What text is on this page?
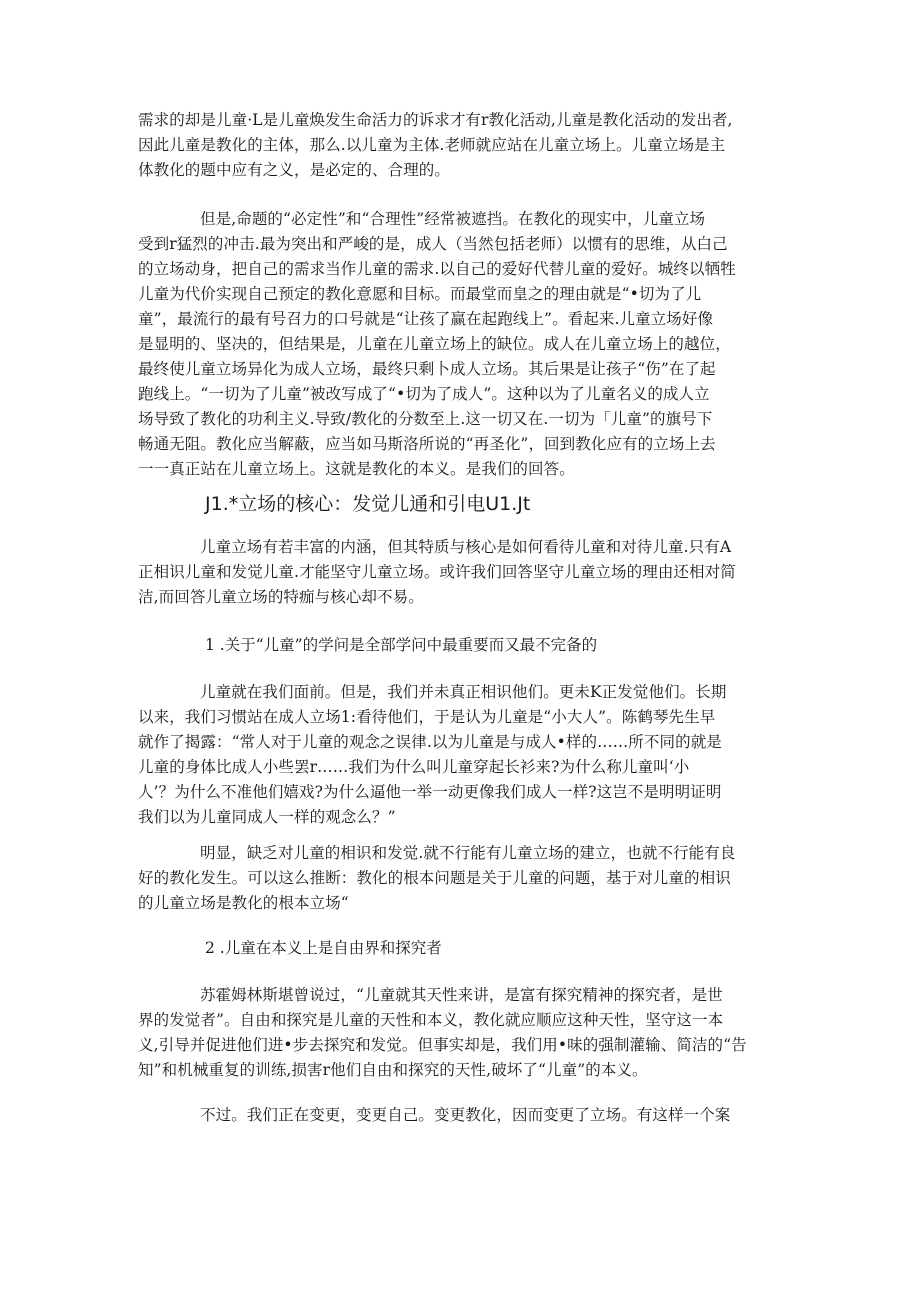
需求的却是儿童·L是儿童焕发生命活力的诉求才有r教化活动,儿童是教化活动的发出者,
因此儿童是教化的主体，那么.以儿童为主体.老师就应站在儿童立场上。儿童立场是主
体教化的题中应有之义，是必定的、合理的。
但是,命题的“必定性”和“合理性”经常被遮挡。在教化的现实中，儿童立场
受到r猛烈的冲击.最为突出和严峻的是，成人（当然包括老师）以惯有的思维，从白己
的立场动身，把自己的需求当作儿童的需求.以自己的爱好代替儿童的爱好。城终以牺牲
儿童为代价实现自己预定的教化意愿和目标。而最堂而皇之的理由就是“•切为了儿
童”，最流行的最有号召力的口号就是“让孩了赢在起跑线上”。看起来.儿童立场好像
是显明的、坚决的，但结果是，儿童在儿童立场上的缺位。成人在儿童立场上的越位，
最终使儿童立场异化为成人立场，最终只剩卜成人立场。其后果是让孩子“伤”在了起
跑线上。“一切为了儿童”被改写成了“•切为了成人”。这种以为了儿童名义的成人立
场导致了教化的功利主义.导致/教化的分数至上.这一切又在.一切为「儿童”的旗号下
畅通无阻。教化应当解蔽，应当如马斯洛所说的“再圣化”，回到教化应有的立场上去
一一真正站在儿童立场上。这就是教化的本义。是我们的回答。
J1.*立场的核心：发觉儿通和引电U1.Jt
儿童立场有若丰富的内涵，但其特质与核心是如何看待儿童和对待儿童.只有A
正相识儿童和发觉儿童.才能坚守儿童立场。或许我们回答坚守儿童立场的理由还相对简
洁,而回答儿童立场的特痂与核心却不易。
1 .关于“儿童”的学问是全部学问中最重要而又最不完备的
儿童就在我们面前。但是，我们并未真正相识他们。更未K正发觉他们。长期
以来，我们习惯站在成人立场1:看待他们，于是认为儿童是“小大人”。陈鹤琴先生早
就作了揭露：“常人对于儿童的观念之误律.以为儿童是与成人•样的……所不同的就是
儿童的身体比成人小些罢r……我们为什么叫儿童穿起长衫来?为什么称儿童叫‘小
人’？为什么不准他们嬉戏?为什么逼他一举一动更像我们成人一样?这岂不是明明证明
我们以为儿童同成人一样的观念么？”
明显，缺乏对儿童的相识和发觉.就不行能有儿童立场的建立，也就不行能有良
好的教化发生。可以这么推断：教化的根本问题是关于儿童的问题，基于对儿童的相识
的儿童立场是教化的根本立场“
2 .儿童在本义上是自由界和探究者
苏霍姆林斯堪曾说过，“儿童就其天性来讲，是富有探究精神的探究者，是世
界的发觉者”。自由和探究是儿童的天性和本义，教化就应顺应这种天性，坚守这一本
义,引导并促进他们进•步去探究和发觉。但事实却是，我们用•味的强制灌输、简洁的“告
知”和机械重复的训练,损害r他们自由和探究的天性,破坏了“儿童”的本义。
不过。我们正在变更，变更自己。变更教化，因而变更了立场。有这样一个案
